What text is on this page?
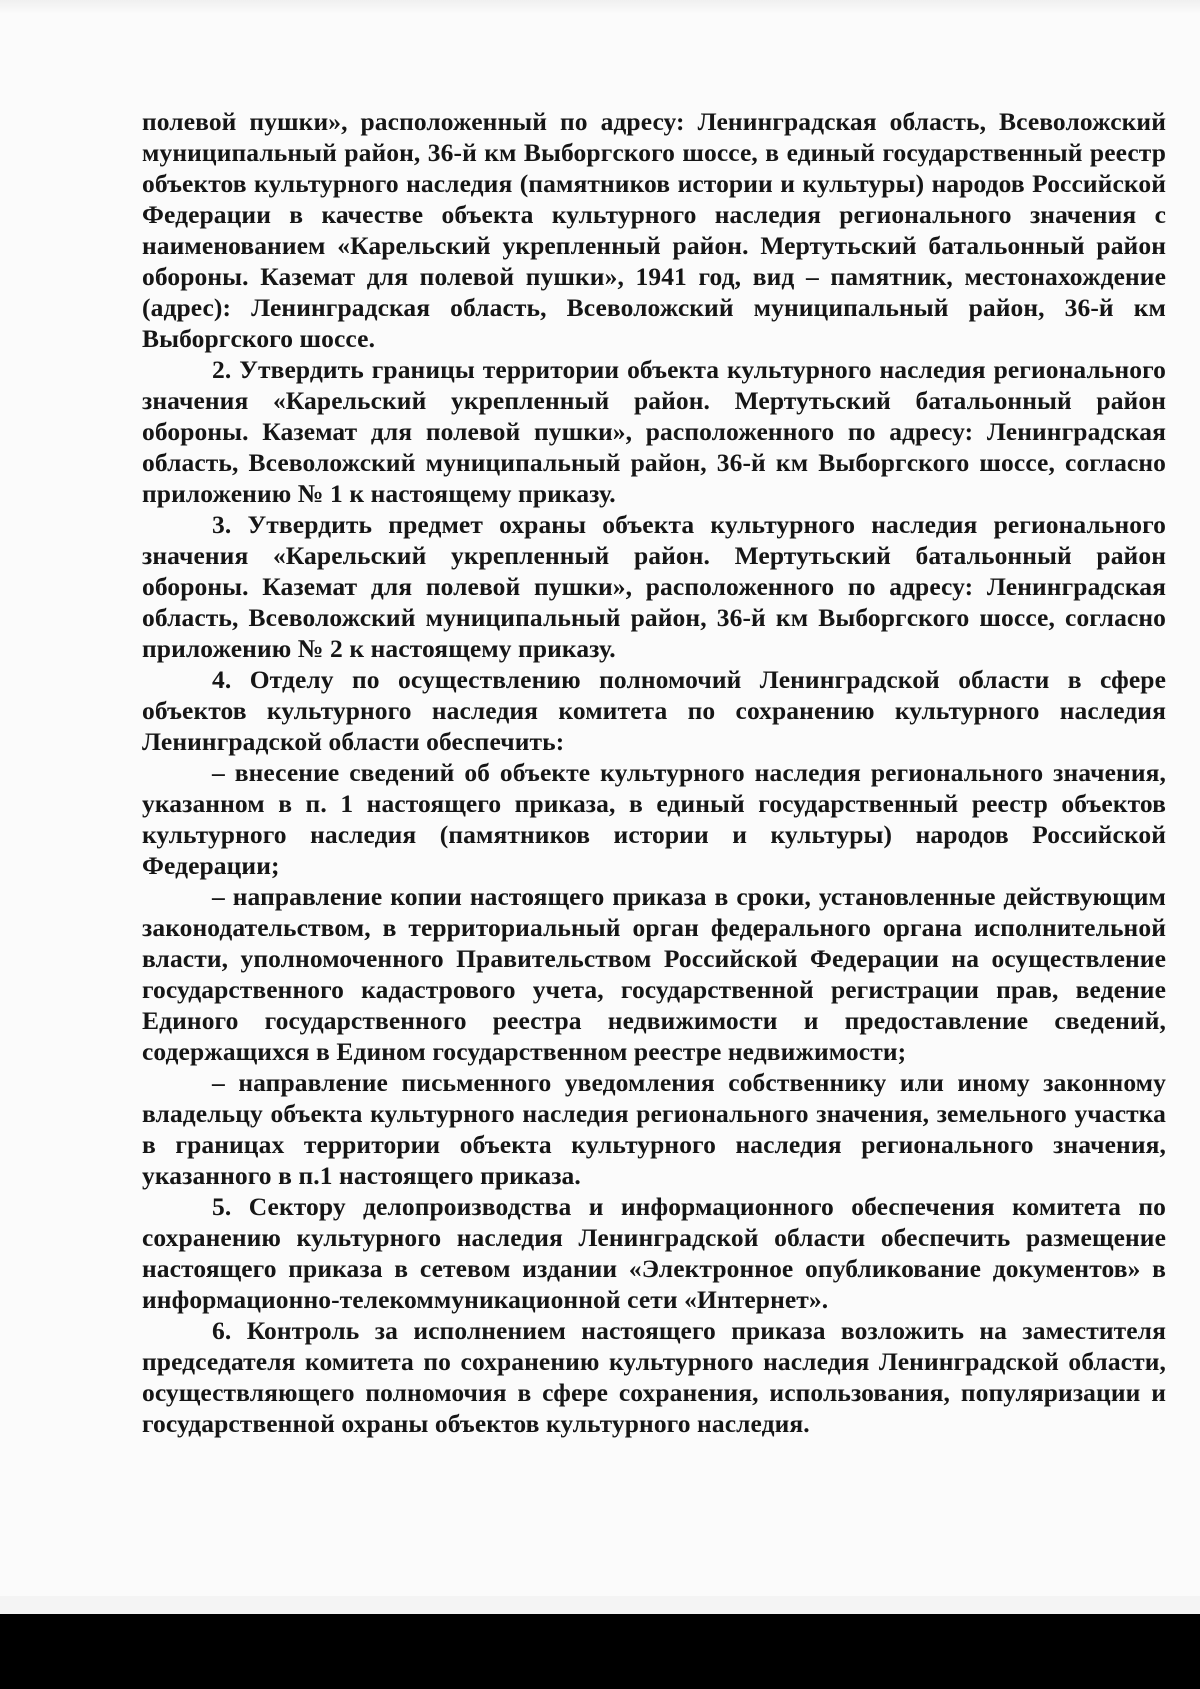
полевой пушки», расположенный по адресу: Ленинградская область, Всеволожский муниципальный район, 36-й км Выборгского шоссе, в единый государственный реестр объектов культурного наследия (памятников истории и культуры) народов Российской Федерации в качестве объекта культурного наследия регионального значения с наименованием «Карельский укрепленный район. Мертутьский батальонный район обороны. Каземат для полевой пушки», 1941 год, вид – памятник, местонахождение (адрес): Ленинградская область, Всеволожский муниципальный район, 36-й км Выборгского шоссе.

2. Утвердить границы территории объекта культурного наследия регионального значения «Карельский укрепленный район. Мертутьский батальонный район обороны. Каземат для полевой пушки», расположенного по адресу: Ленинградская область, Всеволожский муниципальный район, 36-й км Выборгского шоссе, согласно приложению № 1 к настоящему приказу.

3. Утвердить предмет охраны объекта культурного наследия регионального значения «Карельский укрепленный район. Мертутьский батальонный район обороны. Каземат для полевой пушки», расположенного по адресу: Ленинградская область, Всеволожский муниципальный район, 36-й км Выборгского шоссе, согласно приложению № 2 к настоящему приказу.

4. Отделу по осуществлению полномочий Ленинградской области в сфере объектов культурного наследия комитета по сохранению культурного наследия Ленинградской области обеспечить:

– внесение сведений об объекте культурного наследия регионального значения, указанном в п. 1 настоящего приказа, в единый государственный реестр объектов культурного наследия (памятников истории и культуры) народов Российской Федерации;

– направление копии настоящего приказа в сроки, установленные действующим законодательством, в территориальный орган федерального органа исполнительной власти, уполномоченного Правительством Российской Федерации на осуществление государственного кадастрового учета, государственной регистрации прав, ведение Единого государственного реестра недвижимости и предоставление сведений, содержащихся в Едином государственном реестре недвижимости;

– направление письменного уведомления собственнику или иному законному владельцу объекта культурного наследия регионального значения, земельного участка в границах территории объекта культурного наследия регионального значения, указанного в п.1 настоящего приказа.

5. Сектору делопроизводства и информационного обеспечения комитета по сохранению культурного наследия Ленинградской области обеспечить размещение настоящего приказа в сетевом издании «Электронное опубликование документов» в информационно-телекоммуникационной сети «Интернет».

6. Контроль за исполнением настоящего приказа возложить на заместителя председателя комитета по сохранению культурного наследия Ленинградской области, осуществляющего полномочия в сфере сохранения, использования, популяризации и государственной охраны объектов культурного наследия.
